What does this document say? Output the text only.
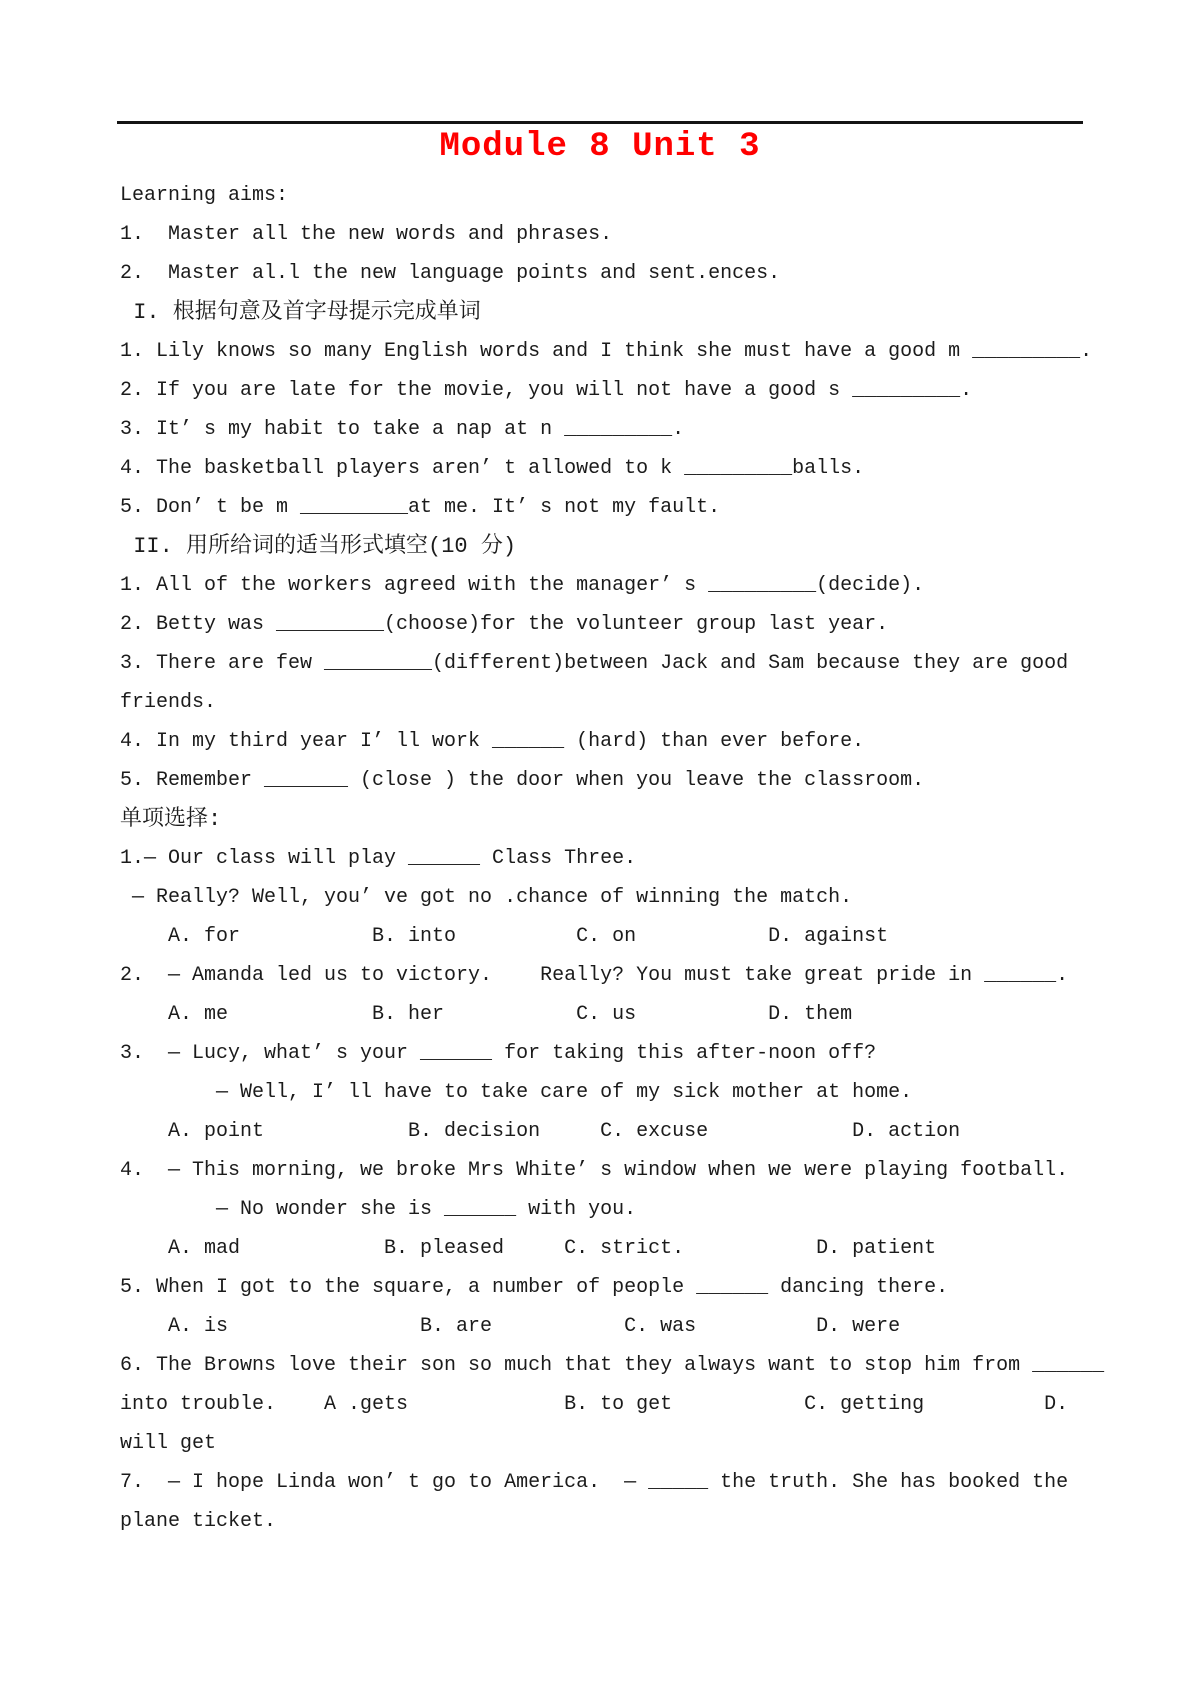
Module 8 Unit 3
Learning aims:
1.  Master all the new words and phrases.
2.  Master al.l the new language points and sent.ences.
I. 根据句意及首字母提示完成单词
1. Lily knows so many English words and I think she must have a good m _________.
2. If you are late for the movie, you will not have a good s _________.
3. It’ s my habit to take a nap at n _________.
4. The basketball players aren’ t allowed to k _________balls.
5. Don’ t be m _________at me. It’ s not my fault.
II. 用所给词的适当形式填空(10 分)
1. All of the workers agreed with the manager’ s _________(decide).
2. Betty was _________(choose)for the volunteer group last year.
3. There are few _________(different)between Jack and Sam because they are good
friends.
4. In my third year I’ ll work ______ (hard) than ever before.
5. Remember _______ (close ) the door when you leave the classroom.
单项选择:
1.— Our class will play ______ Class Three.
— Really? Well, you’ ve got no .chance of winning the match.
A. for           B. into          C. on           D. against
2.  — Amanda led us to victory.    Really? You must take great pride in ______.
A. me            B. her           C. us           D. them
3.  — Lucy, what’ s your ______ for taking this after-noon off?
— Well, I’ ll have to take care of my sick mother at home.
A. point            B. decision     C. excuse            D. action
4.  — This morning, we broke Mrs White’ s window when we were playing football.
— No wonder she is ______ with you.
A. mad            B. pleased     C. strict.           D. patient
5. When I got to the square, a number of people ______ dancing there.
A. is                B. are           C. was          D. were
6. The Browns love their son so much that they always want to stop him from ______
into trouble.    A .gets             B. to get           C. getting          D.
will get
7.  — I hope Linda won’ t go to America.  — _____ the truth. She has booked the
plane ticket.
